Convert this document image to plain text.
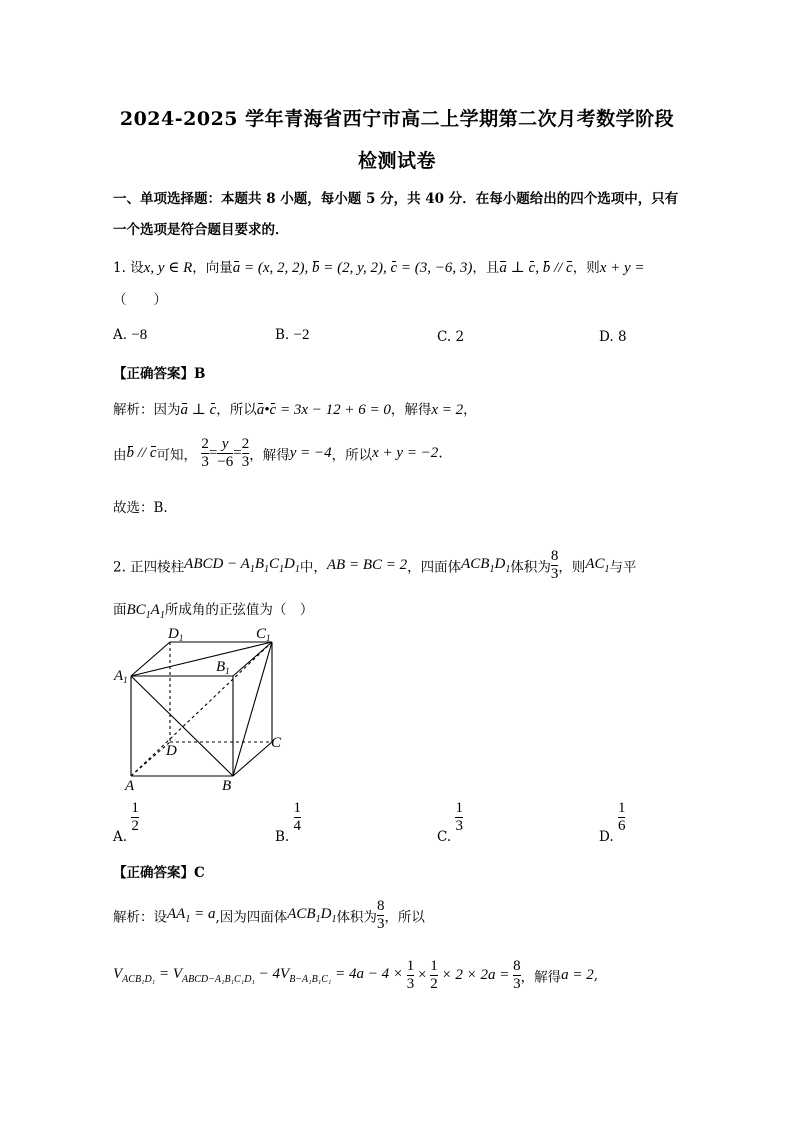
2024-2025 学年青海省西宁市高二上学期第二次月考数学阶段
检测试卷
一、单项选择题：本题共 8 小题，每小题 5 分，共 40 分．在每小题给出的四个选项中，只有
一个选项是符合题目要求的．
1. 设x, y ∈ R，向量a = (x, 2, 2), b = (2, y, 2), c = (3, −6, 3)，且a ⊥ c, b // c，则x + y =
（　　）
A. −8	B. −2	C. 2	D. 8
【正确答案】B
解析：因为a ⊥ c，所以a•c = 3x − 12 + 6 = 0，解得x = 2，
由b // c可知， $\frac{2}{3} = \frac{y}{-6} = \frac{2}{3}$ ，解得y = −4，所以x + y = −2.
故选：B.
2. 正四棱柱ABCD − $A_1B_1C_1D_1$中，AB = BC = 2，四面体$ACB_1D_1$体积为 $\frac{8}{3}$ ，则$AC_1$与平
面$BC_1A_1$所成角的正弦值为（　）
$D_1$	$C_1$
$A_1$
$B_1$
D	C
A	B
A.
$\frac{1}{2}$
B.
$\frac{1}{4}$
C.
$\frac{1}{3}$
D.
$\frac{1}{6}$
【正确答案】C
解析：设$AA_1 = a$,因为四面体$ACB_1D_1$体积为 $\frac{8}{3}$ ，所以
$V_{ACB_1D_1} = V_{ABCD-A_1B_1C_1D_1} - 4V_{B-A_1B_1C_1} = 4a - 4 \times \frac{1}{3} \times \frac{1}{2} \times 2 \times 2a = \frac{8}{3}$ ，解得a = 2,
